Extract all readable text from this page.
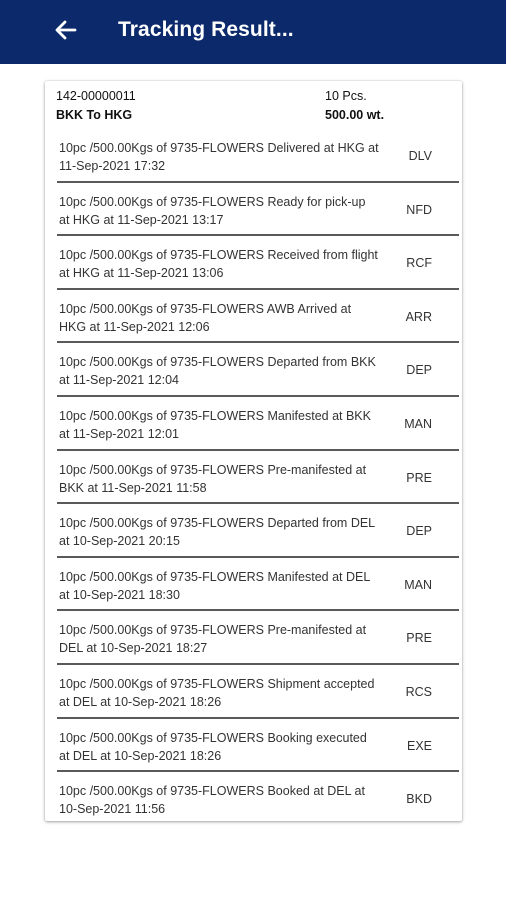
Tracking Result...
142-00000011	10 Pcs.
BKK To HKG	500.00 wt.
10pc /500.00Kgs of 9735-FLOWERS Delivered at HKG at 11-Sep-2021 17:32
DLV
10pc /500.00Kgs of 9735-FLOWERS Ready for pick-up at HKG at 11-Sep-2021 13:17
NFD
10pc /500.00Kgs of 9735-FLOWERS Received from flight at HKG at 11-Sep-2021 13:06
RCF
10pc /500.00Kgs of 9735-FLOWERS AWB Arrived at HKG at 11-Sep-2021 12:06
ARR
10pc /500.00Kgs of 9735-FLOWERS Departed from BKK at 11-Sep-2021 12:04
DEP
10pc /500.00Kgs of 9735-FLOWERS Manifested at BKK at 11-Sep-2021 12:01
MAN
10pc /500.00Kgs of 9735-FLOWERS Pre-manifested at BKK at 11-Sep-2021 11:58
PRE
10pc /500.00Kgs of 9735-FLOWERS Departed from DEL at 10-Sep-2021 20:15
DEP
10pc /500.00Kgs of 9735-FLOWERS Manifested at DEL at 10-Sep-2021 18:30
MAN
10pc /500.00Kgs of 9735-FLOWERS Pre-manifested at DEL at 10-Sep-2021 18:27
PRE
10pc /500.00Kgs of 9735-FLOWERS Shipment accepted at DEL at 10-Sep-2021 18:26
RCS
10pc /500.00Kgs of 9735-FLOWERS Booking executed at DEL at 10-Sep-2021 18:26
EXE
10pc /500.00Kgs of 9735-FLOWERS Booked at DEL at 10-Sep-2021 11:56
BKD
